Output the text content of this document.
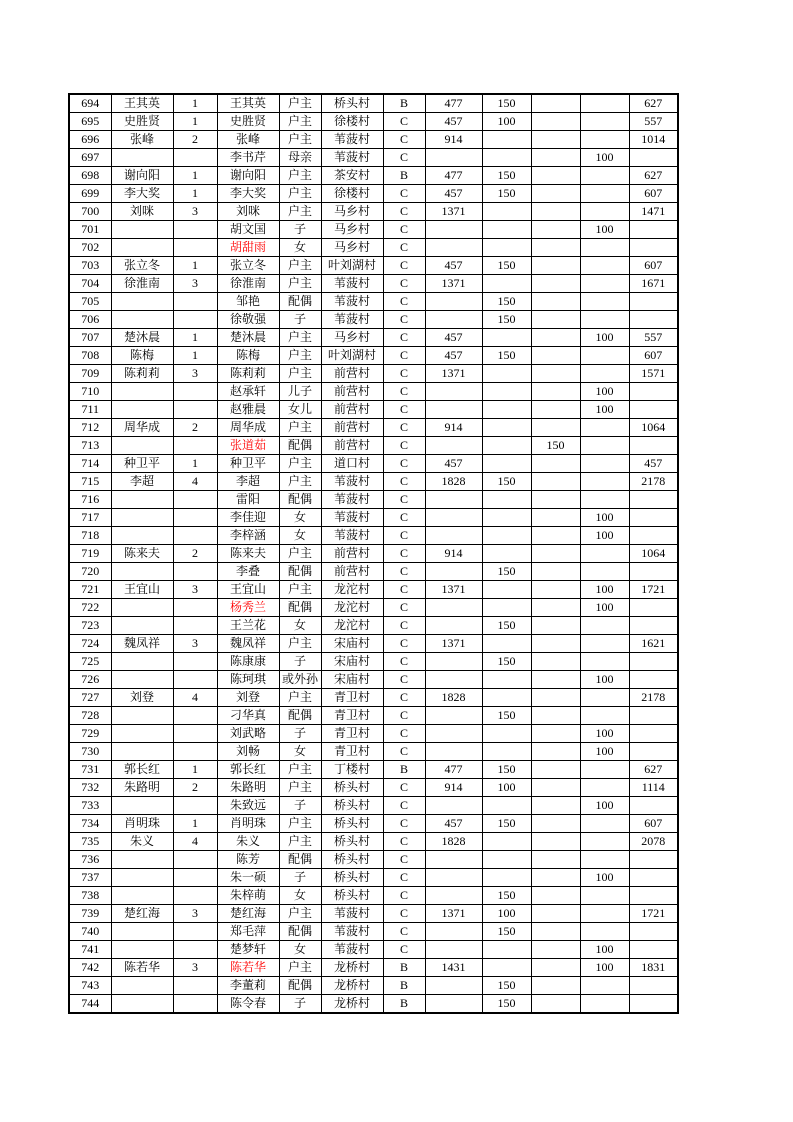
694	王其英	1	王其英	户主	桥头村	B	477	150			627
695	史胜贤	1	史胜贤	户主	徐楼村	C	457	100			557
696	张峰	2	张峰	户主	苇菠村	C	914				1014
697			李书芹	母亲	苇菠村	C				100	
698	谢向阳	1	谢向阳	户主	茶安村	B	477	150			627
699	李大奖	1	李大奖	户主	徐楼村	C	457	150			607
700	刘咪	3	刘咪	户主	马乡村	C	1371				1471
701			胡文国	子	马乡村	C				100	
702			胡甜雨	女	马乡村	C					
703	张立冬	1	张立冬	户主	叶刘湖村	C	457	150			607
704	徐淮南	3	徐淮南	户主	苇菠村	C	1371				1671
705			邹艳	配偶	苇菠村	C		150			
706			徐敬强	子	苇菠村	C		150			
707	楚沐晨	1	楚沐晨	户主	马乡村	C	457			100	557
708	陈梅	1	陈梅	户主	叶刘湖村	C	457	150			607
709	陈莉莉	3	陈莉莉	户主	前营村	C	1371				1571
710			赵承轩	儿子	前营村	C				100	
711			赵雅晨	女儿	前营村	C				100	
712	周华成	2	周华成	户主	前营村	C	914				1064
713			张道茹	配偶	前营村	C			150		
714	种卫平	1	种卫平	户主	道口村	C	457				457
715	李超	4	李超	户主	苇菠村	C	1828	150			2178
716			雷阳	配偶	苇菠村	C					
717			李佳迎	女	苇菠村	C				100	
718			李梓涵	女	苇菠村	C				100	
719	陈来夫	2	陈来夫	户主	前营村	C	914				1064
720			李叠	配偶	前营村	C		150			
721	王宜山	3	王宜山	户主	龙沱村	C	1371			100	1721
722			杨秀兰	配偶	龙沱村	C				100	
723			王兰花	女	龙沱村	C		150			
724	魏凤祥	3	魏凤祥	户主	宋庙村	C	1371				1621
725			陈康康	子	宋庙村	C		150			
726			陈珂琪	或外孙	宋庙村	C				100	
727	刘登	4	刘登	户主	青卫村	C	1828				2178
728			刁华真	配偶	青卫村	C		150			
729			刘武略	子	青卫村	C				100	
730			刘畅	女	青卫村	C				100	
731	郭长红	1	郭长红	户主	丁楼村	B	477	150			627
732	朱路明	2	朱路明	户主	桥头村	C	914	100			1114
733			朱致远	子	桥头村	C				100	
734	肖明珠	1	肖明珠	户主	桥头村	C	457	150			607
735	朱义	4	朱义	户主	桥头村	C	1828				2078
736			陈芳	配偶	桥头村	C					
737			朱一硕	子	桥头村	C				100	
738			朱梓萌	女	桥头村	C		150			
739	楚红海	3	楚红海	户主	苇菠村	C	1371	100			1721
740			郑毛萍	配偶	苇菠村	C		150			
741			楚梦轩	女	苇菠村	C				100	
742	陈若华	3	陈若华	户主	龙桥村	B	1431			100	1831
743			李董莉	配偶	龙桥村	B		150			
744			陈令春	子	龙桥村	B		150			
